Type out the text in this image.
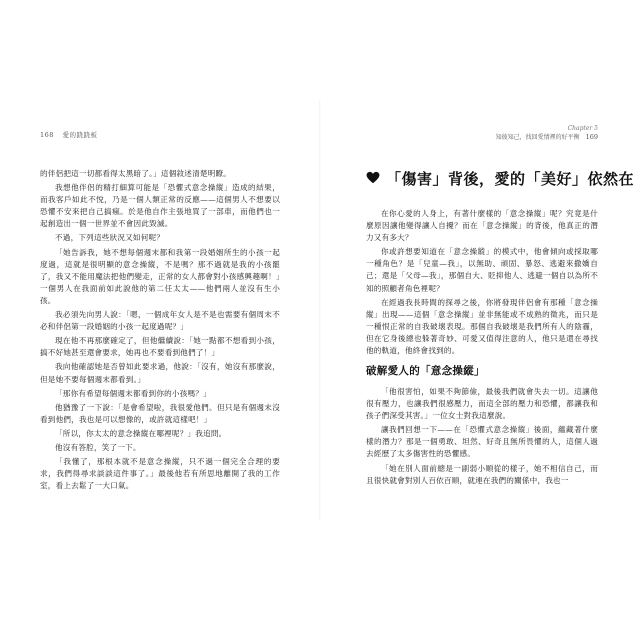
168 愛的跷跷板

的伴侶把這一切都看得太黑暗了。」這個敘述清楚明瞭。

我想他伴侶的精打細算可能是「恐懼式意念操縱」造成的結果，而我客戶如此不悅，乃是一個人類正常的反應——這個男人不想要以恐懼不安來把自己搞瘋。於是他自作主張地買了一部車，而他們也一起創造出一個一世界並不會因此毀滅。

不過，下列這些狀況又如何呢？

「她告訴我，她不想每個週末都和我第一段婚姻所生的小孩一起度過，這就是很明顯的意念操縱，不是嗎？那不過就是我的小孩罷了，我又不能用魔法把他們變走，正常的女人都會對小孩感興趣啊！」一個男人在我面前如此說他的第二任太太——他們兩人並沒有生小孩。

我必須先向男人說：「嗯，一個成年女人是不是也需要有個周末不必和伴侶第一段婚姻的小孩一起度過呢？」

現在他不再那麼確定了，但他繼續說：「她一點都不想看到小孩，搞不好她甚至還會要求，她再也不要看到他們了！」

我向他確認她是否曾如此要求過，他說：「沒有，她沒有那麼說，但是她不要每個週末都看到。」

「那你有希望每個週末都看到你的小孩嗎？」

他猶豫了一下說：「是會希望啦，我很愛他們。但只是有個週末沒看到他們，我也是可以想像的，或許就這樣吧！」

「所以，你太太的意念操縱在哪裡呢？」我追問。

他沒有答腔，笑了一下。

「我懂了，那根本就不是意念操縱，只不過一個完全合理的要求，我們得尋求談談這件事了。」最後他若有所思地離開了我的工作室，看上去鬆了一大口氣。

Chapter 5
知彼知己，找回愛情裡的好平衡 169
「傷害」背後，愛的「美好」依然在

在你心愛的人身上，有著什麼樣的「意念操縱」呢？究竟是什麼原因讓他變得讓人自擾？而在「意念操縱」的背後，他真正的潛力又有多大？

你或許想要知道在「意念操縱」的模式中，他會傾向或採取哪一種角色？是「兒童—我」，以無助、頑固、暴怒、逃避來撒嬌自己；還是「父母—我」，那個自大、貶抑他人、逃避一個自以為所不知的照顧者角色裡呢？

在經過我長時間的探尋之後，你將發現伴侶會有那種「意念操縱」出現——這個「意念操縱」並非無能或不成熟的徵兆，而只是一種恨正常的自我破壞表現。那個自我破壞是我們所有人的陰霾，但在它身後總也躲著奇妙、可愛又值得注意的人，他只是還在尋找他的軌道，他終會找到的。

破解愛人的「意念操縱」

「他很害怕，如果不夠節儉，最後我們就會失去一切。這讓他很有壓力，也讓我們很感壓力，而這全部的壓力和恐懼，都讓我和孩子們深受其害。」一位女士對我這麼說。

讓我們回想一下——在「恐懼式意念操縱」後面，蘊藏著什麼樣的潛力？那是一個勇敢、坦然、好奇且無所畏懼的人，這個人過去經歷了太多傷害性的恐懼感。

「她在別人面前總是一副弱小順從的樣子，她不相信自己，而且很快就會對別人百依百順，就連在我們的關係中，我也一
